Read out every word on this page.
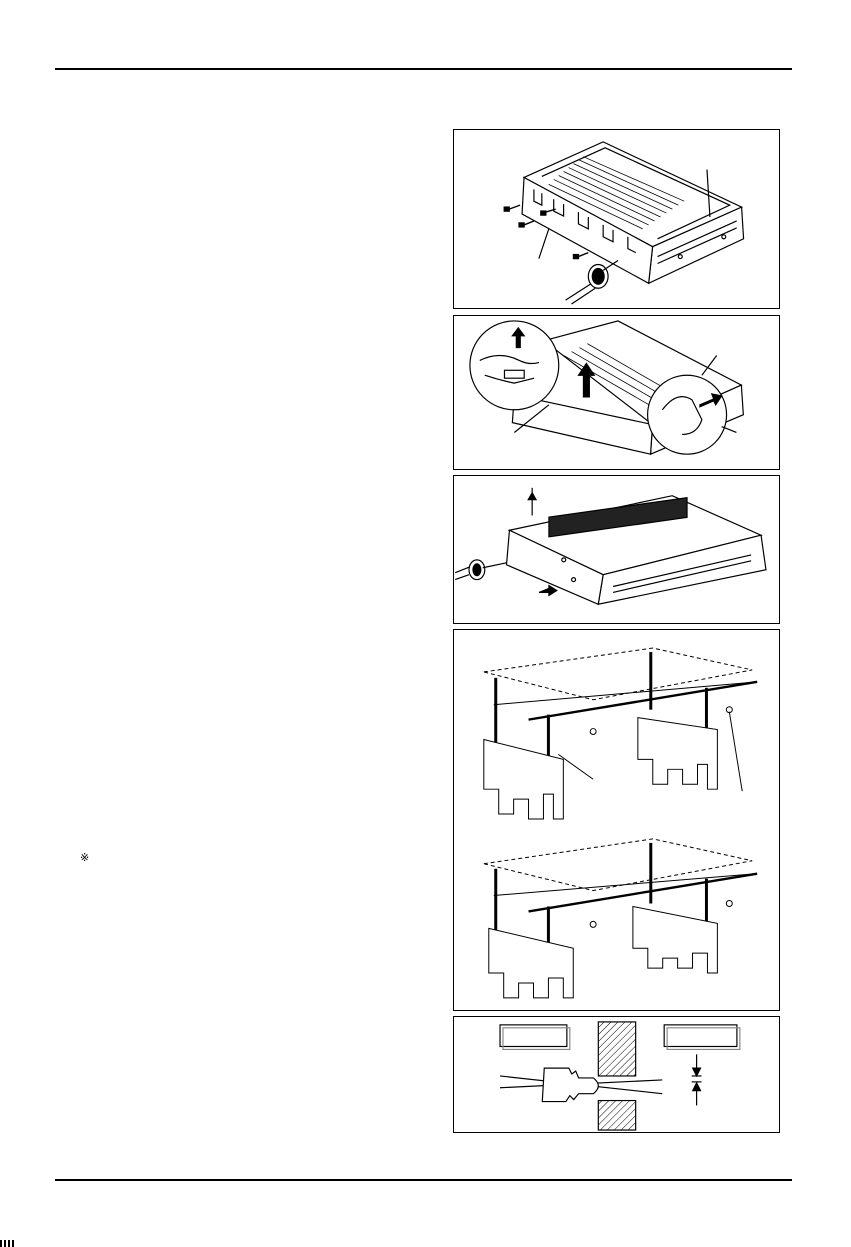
※
